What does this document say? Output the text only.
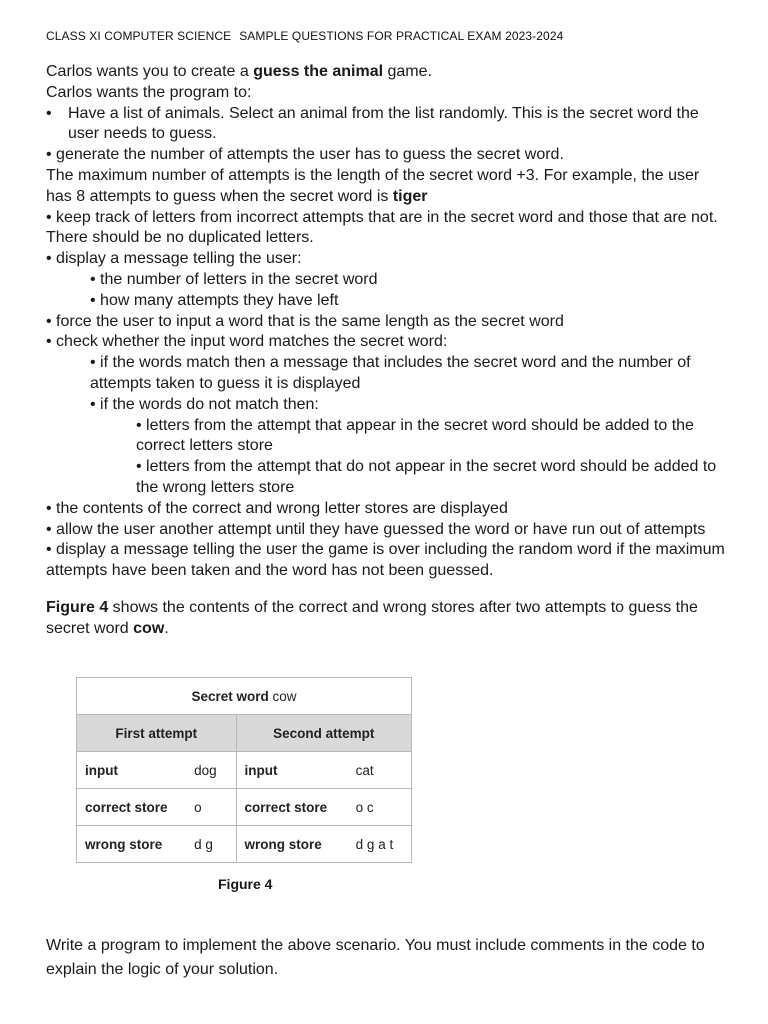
CLASS XI COMPUTER SCIENCE SAMPLE QUESTIONS FOR PRACTICAL EXAM 2023-2024

Carlos wants you to create a guess the animal game.

Carlos wants the program to:

•	Have a list of animals. Select an animal from the list randomly. This is the secret word the user needs to guess.

• generate the number of attempts the user has to guess the secret word.

The maximum number of attempts is the length of the secret word +3. For example, the user has 8 attempts to guess when the secret word is tiger

• keep track of letters from incorrect attempts that are in the secret word and those that are not. There should be no duplicated letters.

• display a message telling the user:

• the number of letters in the secret word

• how many attempts they have left

• force the user to input a word that is the same length as the secret word

• check whether the input word matches the secret word:

• if the words match then a message that includes the secret word and the number of attempts taken to guess it is displayed

• if the words do not match then:

• letters from the attempt that appear in the secret word should be added to the correct letters store

• letters from the attempt that do not appear in the secret word should be added to the wrong letters store

• the contents of the correct and wrong letter stores are displayed

• allow the user another attempt until they have guessed the word or have run out of attempts

• display a message telling the user the game is over including the random word if the maximum attempts have been taken and the word has not been guessed.

Figure 4 shows the contents of the correct and wrong stores after two attempts to guess the secret word cow.

Secret word cow			
First attempt		Second attempt	
input	dog	input	cat
correct store	o	correct store	o c
wrong store	d g	wrong store	d g a t
Figure 4

Write a program to implement the above scenario. You must include comments in the code to explain the logic of your solution.
